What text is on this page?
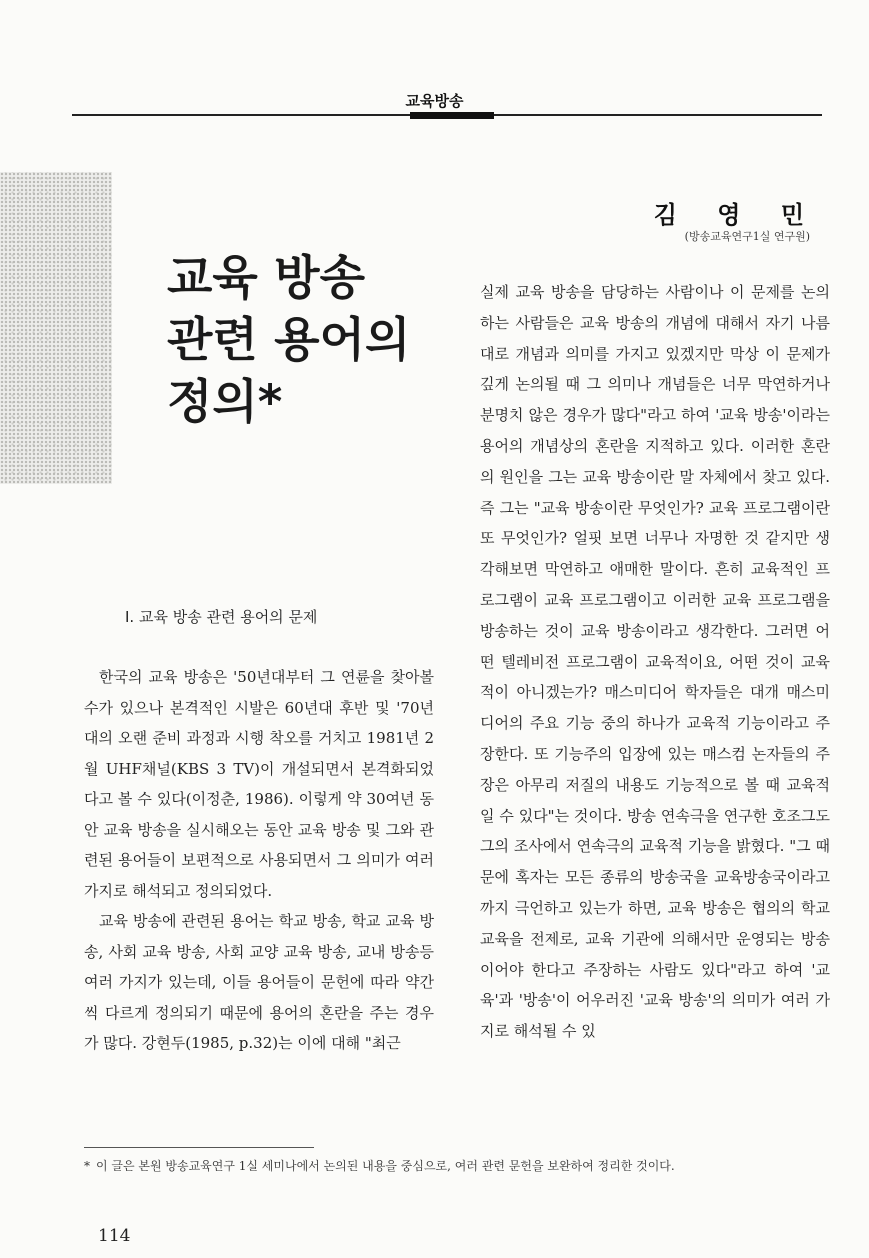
교육방송
교육 방송
관련 용어의
정의*
김 영 민
(방송교육연구1실 연구원)

실제 교육 방송을 담당하는 사람이나 이 문제를 논의하는 사람들은 교육 방송의 개념에 대해서 자기 나름대로 개념과 의미를 가지고 있겠지만 막상 이 문제가 깊게 논의될 때 그 의미나 개념들은 너무 막연하거나 분명치 않은 경우가 많다"라고 하여 '교육 방송'이라는 용어의 개념상의 혼란을 지적하고 있다. 이러한 혼란의 원인을 그는 교육 방송이란 말 자체에서 찾고 있다. 즉 그는 "교육 방송이란 무엇인가? 교육 프로그램이란 또 무엇인가? 얼핏 보면 너무나 자명한 것 같지만 생각해보면 막연하고 애매한 말이다. 흔히 교육적인 프로그램이 교육 프로그램이고 이러한 교육 프로그램을 방송하는 것이 교육 방송이라고 생각한다. 그러면 어떤 텔레비전 프로그램이 교육적이요, 어떤 것이 교육적이 아니겠는가? 매스미디어 학자들은 대개 매스미디어의 주요 기능 중의 하나가 교육적 기능이라고 주장한다. 또 기능주의 입장에 있는 매스컴 논자들의 주장은 아무리 저질의 내용도 기능적으로 볼 때 교육적일 수 있다"는 것이다. 방송 연속극을 연구한 호조그도 그의 조사에서 연속극의 교육적 기능을 밝혔다. "그 때문에 혹자는 모든 종류의 방송국을 교육방송국이라고까지 극언하고 있는가 하면, 교육 방송은 협의의 학교 교육을 전제로, 교육 기관에 의해서만 운영되는 방송이어야 한다고 주장하는 사람도 있다"라고 하여 '교육'과 '방송'이 어우러진 '교육 방송'의 의미가 여러 가지로 해석될 수 있

Ⅰ. 교육 방송 관련 용어의 문제

한국의 교육 방송은 '50년대부터 그 연륜을 찾아볼 수가 있으나 본격적인 시발은 60년대 후반 및 '70년대의 오랜 준비 과정과 시행 착오를 거치고 1981년 2월 UHF채널(KBS 3 TV)이 개설되면서 본격화되었다고 볼 수 있다(이정춘, 1986). 이렇게 약 30여년 동안 교육 방송을 실시해오는 동안 교육 방송 및 그와 관련된 용어들이 보편적으로 사용되면서 그 의미가 여러 가지로 해석되고 정의되었다.

교육 방송에 관련된 용어는 학교 방송, 학교 교육 방송, 사회 교육 방송, 사회 교양 교육 방송, 교내 방송등 여러 가지가 있는데, 이들 용어들이 문헌에 따라 약간씩 다르게 정의되기 때문에 용어의 혼란을 주는 경우가 많다. 강현두(1985, p.32)는 이에 대해 "최근

* 이 글은 본원 방송교육연구 1실 세미나에서 논의된 내용을 중심으로, 여러 관련 문헌을 보완하여 정리한 것이다.
114
